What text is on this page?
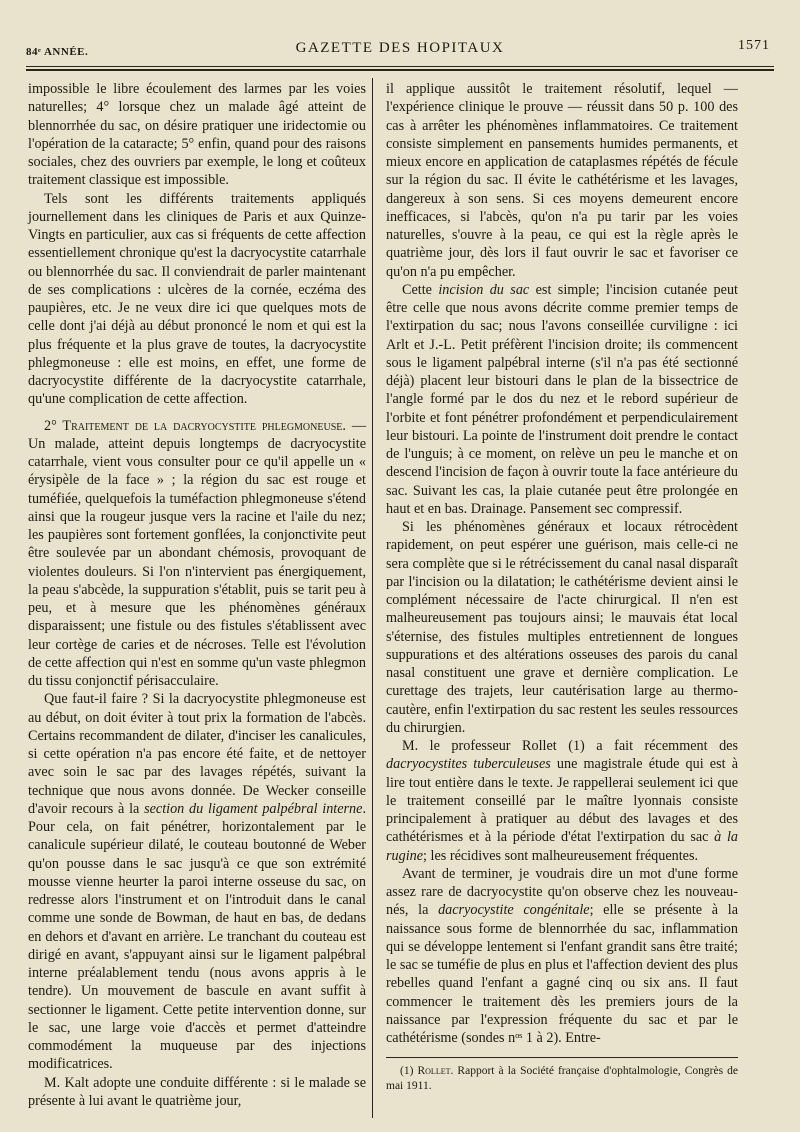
84ᵉ ANNÉE.	GAZETTE DES HOPITAUX	1571

impossible le libre écoulement des larmes par les voies naturelles; 4° lorsque chez un malade âgé atteint de blennorrhée du sac, on désire pratiquer une iridectomie ou l'opération de la cataracte; 5° enfin, quand pour des raisons sociales, chez des ouvriers par exemple, le long et coûteux traitement classique est impossible.

Tels sont les différents traitements appliqués journellement dans les cliniques de Paris et aux Quinze-Vingts en particulier, aux cas si fréquents de cette affection essentiellement chronique qu'est la dacryocystite catarrhale ou blennorrhée du sac. Il conviendrait de parler maintenant de ses complications : ulcères de la cornée, eczéma des paupières, etc. Je ne veux dire ici que quelques mots de celle dont j'ai déjà au début prononcé le nom et qui est la plus fréquente et la plus grave de toutes, la dacryocystite phlegmoneuse : elle est moins, en effet, une forme de dacryocystite différente de la dacryocystite catarrhale, qu'une complication de cette affection.

2° Traitement de la dacryocystite phlegmoneuse. — Un malade, atteint depuis longtemps de dacryocystite catarrhale, vient vous consulter pour ce qu'il appelle un « érysipèle de la face » ; la région du sac est rouge et tuméfiée, quelquefois la tuméfaction phlegmoneuse s'étend ainsi que la rougeur jusque vers la racine et l'aile du nez; les paupières sont fortement gonflées, la conjonctivite peut être soulevée par un abondant chémosis, provoquant de violentes douleurs. Si l'on n'intervient pas énergiquement, la peau s'abcède, la suppuration s'établit, puis se tarit peu à peu, et à mesure que les phénomènes généraux disparaissent; une fistule ou des fistules s'établissent avec leur cortège de caries et de nécroses. Telle est l'évolution de cette affection qui n'est en somme qu'un vaste phlegmon du tissu conjonctif périsacculaire.

Que faut-il faire ? Si la dacryocystite phlegmoneuse est au début, on doit éviter à tout prix la formation de l'abcès. Certains recommandent de dilater, d'inciser les canalicules, si cette opération n'a pas encore été faite, et de nettoyer avec soin le sac par des lavages répétés, suivant la technique que nous avons donnée. De Wecker conseille d'avoir recours à la section du ligament palpébral interne. Pour cela, on fait pénétrer, horizontalement par le canalicule supérieur dilaté, le couteau boutonné de Weber qu'on pousse dans le sac jusqu'à ce que son extrémité mousse vienne heurter la paroi interne osseuse du sac, on redresse alors l'instrument et on l'introduit dans le canal comme une sonde de Bowman, de haut en bas, de dedans en dehors et d'avant en arrière. Le tranchant du couteau est dirigé en avant, s'appuyant ainsi sur le ligament palpébral interne préalablement tendu (nous avons appris à le tendre). Un mouvement de bascule en avant suffit à sectionner le ligament. Cette petite intervention donne, sur le sac, une large voie d'accès et permet d'atteindre commodément la muqueuse par des injections modificatrices.

M. Kalt adopte une conduite différente : si le malade se présente à lui avant le quatrième jour,

il applique aussitôt le traitement résolutif, lequel — l'expérience clinique le prouve — réussit dans 50 p. 100 des cas à arrêter les phénomènes inflammatoires. Ce traitement consiste simplement en pansements humides permanents, et mieux encore en application de cataplasmes répétés de fécule sur la région du sac. Il évite le cathétérisme et les lavages, dangereux à son sens. Si ces moyens demeurent encore inefficaces, si l'abcès, qu'on n'a pu tarir par les voies naturelles, s'ouvre à la peau, ce qui est la règle après le quatrième jour, dès lors il faut ouvrir le sac et favoriser ce qu'on n'a pu empêcher.

Cette incision du sac est simple; l'incision cutanée peut être celle que nous avons décrite comme premier temps de l'extirpation du sac; nous l'avons conseillée curviligne : ici Arlt et J.-L. Petit préfèrent l'incision droite; ils commencent sous le ligament palpébral interne (s'il n'a pas été sectionné déjà) placent leur bistouri dans le plan de la bissectrice de l'angle formé par le dos du nez et le rebord supérieur de l'orbite et font pénétrer profondément et perpendiculairement leur bistouri. La pointe de l'instrument doit prendre le contact de l'unguis; à ce moment, on relève un peu le manche et on descend l'incision de façon à ouvrir toute la face antérieure du sac. Suivant les cas, la plaie cutanée peut être prolongée en haut et en bas. Drainage. Pansement sec compressif.

Si les phénomènes généraux et locaux rétrocèdent rapidement, on peut espérer une guérison, mais celle-ci ne sera complète que si le rétrécissement du canal nasal disparaît par l'incision ou la dilatation; le cathétérisme devient ainsi le complément nécessaire de l'acte chirurgical. Il n'en est malheureusement pas toujours ainsi; le mauvais état local s'éternise, des fistules multiples entretiennent de longues suppurations et des altérations osseuses des parois du canal nasal constituent une grave et dernière complication. Le curettage des trajets, leur cautérisation large au thermo-cautère, enfin l'extirpation du sac restent les seules ressources du chirurgien.

M. le professeur Rollet (1) a fait récemment des dacryocystites tuberculeuses une magistrale étude qui est à lire tout entière dans le texte. Je rappellerai seulement ici que le traitement conseillé par le maître lyonnais consiste principalement à pratiquer au début des lavages et des cathétérismes et à la période d'état l'extirpation du sac à la rugine; les récidives sont malheureusement fréquentes.

Avant de terminer, je voudrais dire un mot d'une forme assez rare de dacryocystite qu'on observe chez les nouveau-nés, la dacryocystite congénitale; elle se présente à la naissance sous forme de blennorrhée du sac, inflammation qui se développe lentement si l'enfant grandit sans être traité; le sac se tuméfie de plus en plus et l'affection devient des plus rebelles quand l'enfant a gagné cinq ou six ans. Il faut commencer le traitement dès les premiers jours de la naissance par l'expression fréquente du sac et par le cathétérisme (sondes nᵒˢ 1 à 2). Entre-

(1) Rollet. Rapport à la Société française d'ophtalmologie, Congrès de mai 1911.
